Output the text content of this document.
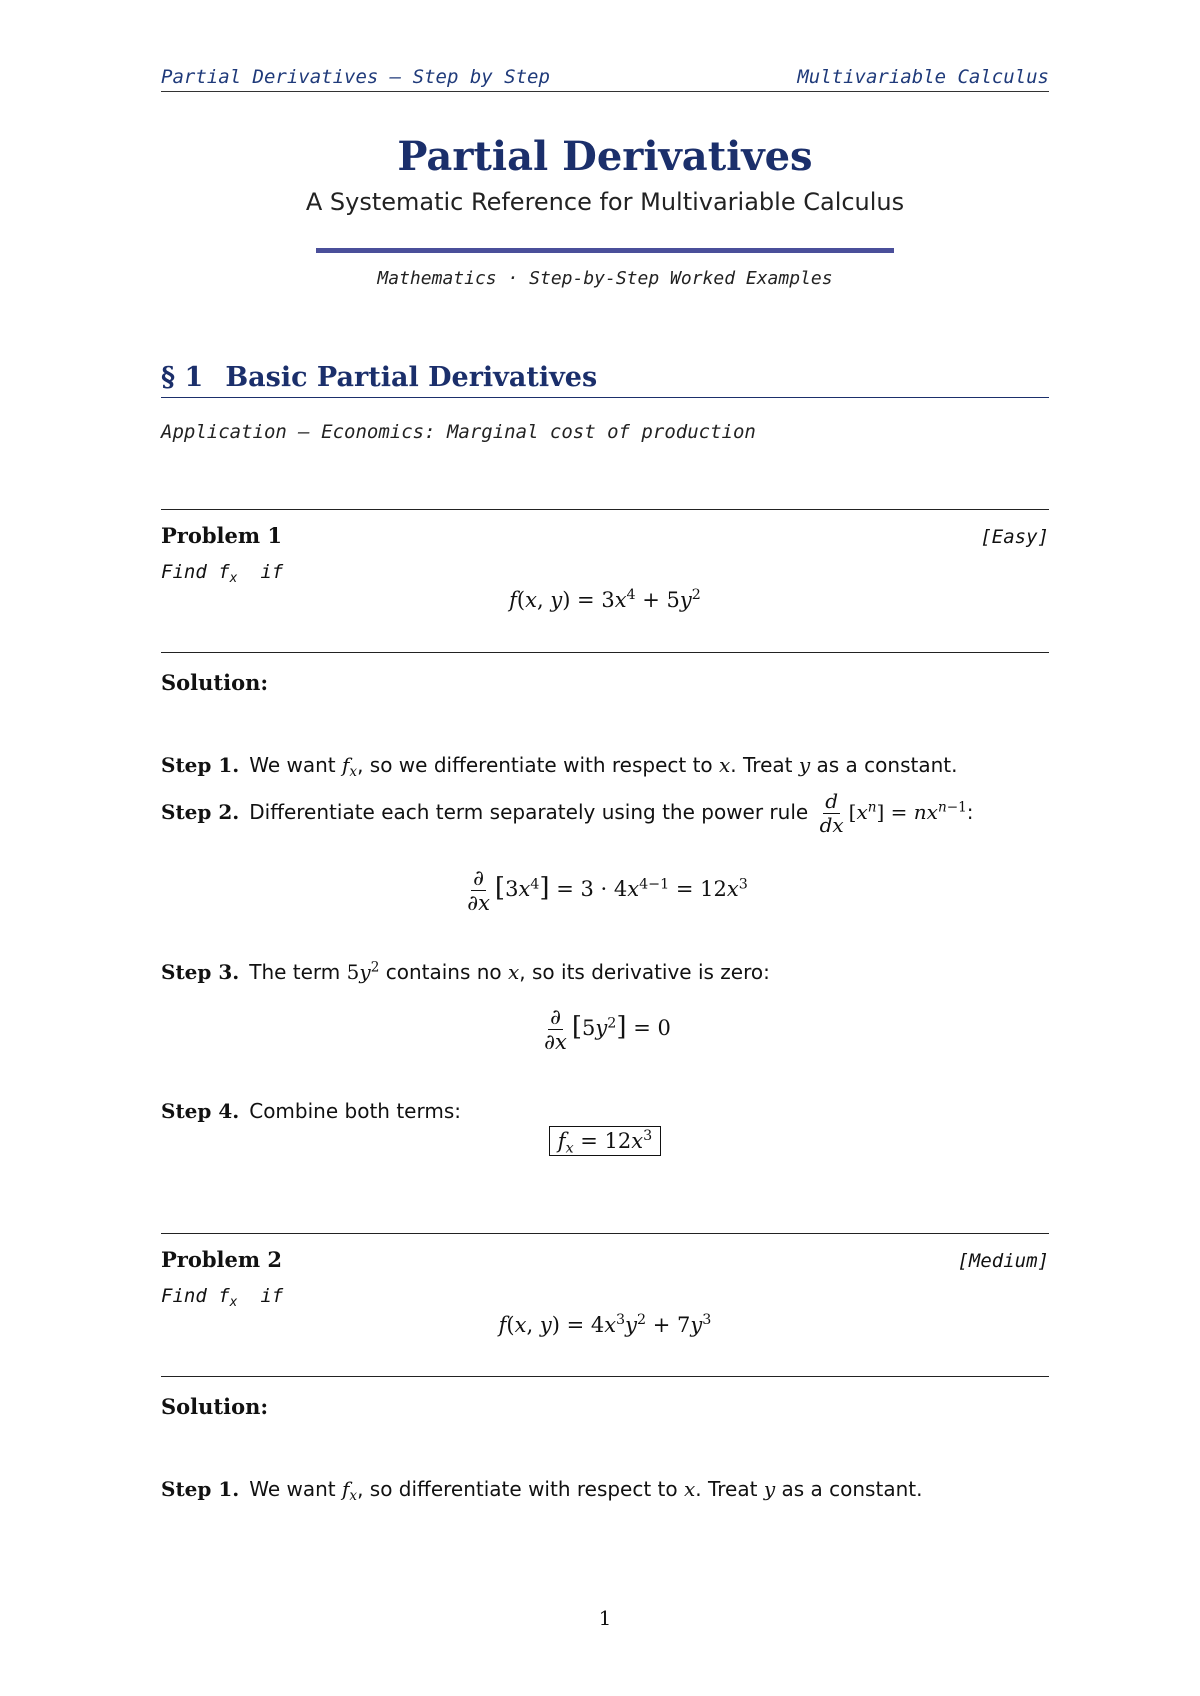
Partial Derivatives — Step by Step	Multivariable Calculus
Partial Derivatives
A Systematic Reference for Multivariable Calculus
Mathematics · Step-by-Step Worked Examples
§ 1 Basic Partial Derivatives
Application — Economics: Marginal cost of production
Problem 1	[Easy]
Find $f_x$ if
f(x, $y) = 3x^4 + 5y^2$
Solution:
Step 1. We want $f_x$, so we differentiate with respect to x. Treat y as a constant.
Step 2. Differentiate each term separately using the power rule $\frac{d}{dx} [x^n] = nx^{n-1}$:
$\frac{\partial}{\partial x} [3x^4] = 3 \cdot 4x^{4-1} = 12x^3$
Step 3. The term $5y^2$ contains no x, so its derivative is zero:
$\frac{\partial}{\partial x} [5y^2] = 0$
Step 4. Combine both terms:
$f_x = 12x^3$
Problem 2	[Medium]
Find $f_x$ if
f(x, $y) = 4x^3y^2 + 7y^3$
Solution:
Step 1. We want $f_x$, so differentiate with respect to x. Treat y as a constant.
1
